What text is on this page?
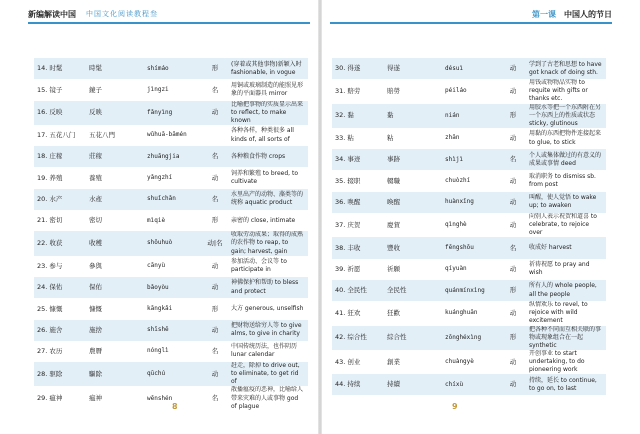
新编解读中国 中国文化阅读教程叁	第一课 中国人的节日
14. 时髦	時髦	shímáo	形	(穿着或其他事物)新颖入时 fashionable, in vogue
15. 镜子	鏡子	jìngzi	名	用铜或玻璃制造的能照见形象的平面器具 mirror
16. 反映	反映	fǎnyìng	动	比喻把事物的实质显示出来 to reflect, to make known
17. 五花八门	五花八門	wǔhuā-bāmén		各种各样，种类很多 all kinds of, all sorts of
18. 庄稼	莊稼	zhuāngjia	名	各种粮食作物 crops
19. 养殖	養殖	yǎngzhí	动	饲养和繁殖 to breed, to cultivate
20. 水产	水產	shuǐchǎn	名	水里出产的动物、藻类等的统称 aquatic product
21. 密切	密切	mìqiè	形	亲密的 close, intimate
22. 收获	收穫	shōuhuò	动|名	收取劳动成果；取得的成熟的农作物 to reap, to gain; harvest, gain
23. 参与	參與	cānyù	动	参加活动、会议等 to participate in
24. 保佑	保佑	bǎoyòu	动	神佛保护和帮助 to bless and protect
25. 慷慨	慷慨	kāngkǎi	形	大方 generous, unselfish
26. 施舍	施捨	shīshě	动	把财物送给穷人等 to give alms, to give in charity
27. 农历	農曆	nónglì	名	中国传统历法，也作阴历 lunar calendar
28. 驱除	驅除	qūchú	动	赶走，除掉 to drive out, to eliminate, to get rid of
29. 瘟神	瘟神	wēnshén	名	散播瘟疫的恶神，比喻给人带来灾难的人或事物 god of plague
30. 得遂	得遂	désuì	动	学到了古老和思想 to have got knack of doing sth.
31. 赔劳	賠勞	péiláo	动	用钱或物物品实物 to requite with gifts or thanks etc.
32. 黏	黏	nián	形	用胶水等把一个东西附在另一个东西上的性质或状态 sticky, glutinous
33. 粘	粘	zhān	动	用黏的东西把物件连接起来 to glue, to stick
34. 事迹	事跡	shìjì	名	个人或集体做过的有意义的成果或事情 deed
35. 辍职	輟職	chuòzhí	动	取消职务 to dismiss sb. from post
36. 唤醒	喚醒	huànxǐng	动	叫醒，使人觉悟 to wake up; to awaken
37. 庆贺	慶賀	qìnghè	动	向别人表示祝贺和道喜 to celebrate, to rejoice over
38. 丰收	豐收	fēngshōu	名	收成好 harvest
39. 祈愿	祈願	qíyuàn	动	祈祷祝愿 to pray and wish
40. 全民性	全民性	quánmínxìng	形	所有人的 whole people, all the people
41. 狂欢	狂歡	kuánghuān	动	纵情欢乐 to revel, to rejoice with wild excitement
42. 综合性	綜合性	zōnghéxìng	形	把各种不同而互相关联的事物或现象组合在一起 synthetic
43. 创业	創業	chuàngyè	动	开创事业 to start undertaking, to do pioneering work
44. 持续	持續	chíxù	动	持续，延长 to continue, to go on, to last
8	9
